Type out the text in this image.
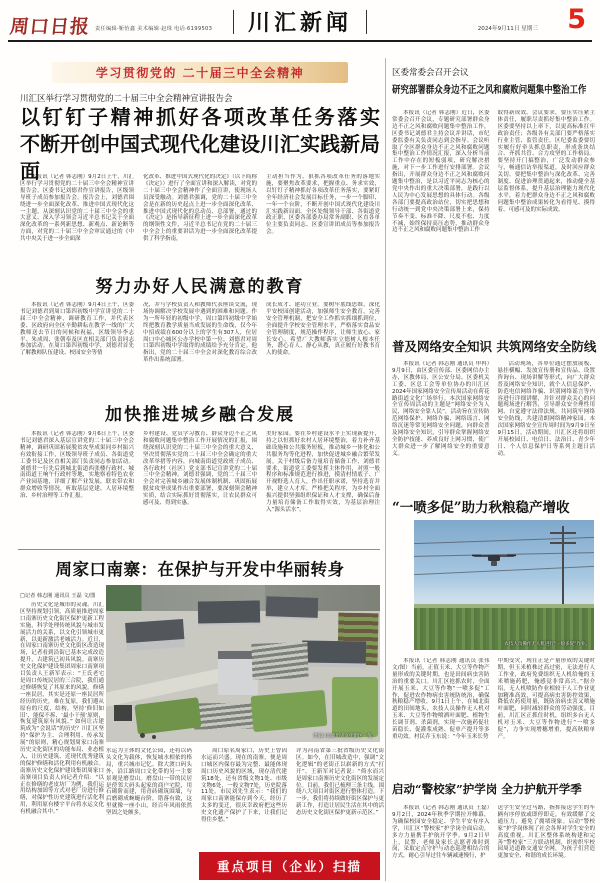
周口日报 责任编辑·靳怡鑫 美术编辑·赵珠 电话·6199503 川汇新闻	2024年9月11日 星期三 5
学习贯彻党的 二十届三中全会精神
川汇区举行学习贯彻党的二十届三中全会精神宣讲报告会
以钉钉子精神抓好各项改革任务落实
不断开创中国式现代化建设川汇实践新局面
本报讯（记者 韩志刚）9月2日上午，川汇区举行学习贯彻党的二十届三中全会精神宣讲报告会，区委书记刘德君作宣讲报告，区级领导班子成员参加报告会。报告会上，刘德君围绕进一步全面深化改革、推进中国式现代化这一主题，从深刻认识党的二十届三中全会的重大意义、深入学习领会习近平总书记关于全面深化改革的一系列新思想、新观点、新论断等方面，对党的二十届三中全会审议通过的《中共中央关于进一步全面深
化改革、推进中国式现代化的决定》（以下简称《决定》）进行了全面宣讲和深入解读，对党的二十届三中全会精神作了全面宣讲，使现场人员深受触动。刘德君强调，党的二十届三中全会是在新的历史起点上进一步全面深化改革、推进中国式现代化的总动员、总部署，通过的《决定》是指导新征程上进一步全面深化改革的纲领性文件，习近平总书记在党的二十届三中全会上的重要讲话为进一步全面深化改革提供了科学指南，
主动担当作为，狠抓各项改革任务的落地实施，要聚焦改革要求，把握重点、务求实效，以钉钉子精神抓好各项改革任务落实，要紧盯全年经济社会发展目标任务，一步一个脚印、一年一个台阶，不断开创中国式现代化建设川汇实践新局面。全区处级领导干部、各街道党政正职、区委各部委办局常务副职、区直各单位主要负责同志、区委宣讲团成员等参加报告会。
努力办好人民满意的教育
本报讯（记者 韩志刚）9月4日上午，区委书记刘德君到周口第四初级中学宣讲党的二十届三中全会精神，调研教育工作，并代表区委、区政府向全区辛勤耕耘在教学一线的广大教师送去节日的问候和祝福，区级领导李志平、朱成周、张朝奉及区直相关部门负责同志参加活动。在周口第四初级中学，刘德君首先了解教师队伍建设、校园安全等情
况，并与学校负责人和教师代表座谈交流，现场协调解决学校发展中遇到的困难和问题。作为一所年轻的初级中学，周口第四初级中学始终把教育教学质量当成发展的生命线，仅今年中招成绩在600分以上的学生有307人，位居周口中心城区公办学校中第一位。刘德君对周口第四初级中学取得的成绩给予充分肯定。他指出，党的二十届三中全会对深化教育综合改革作出系统部署。
成长成才、建功立业。要树牢底线思维，深化平安校园创建活动，加强师生安全教育，完善安全管理机制，把安全工作抓实抓细抓到位，全面提升学校安全管理水平，严格落实食品安全管理制度，规范操作程序，让师生放心、家长安心。希望广大教师落实立德树人根本任务，潜心育人、静心从教，真正履行好教书育人的使命。
加快推进城乡融合发展
本报讯（记者 韩志刚）9月6日上午，区委书记刘德君深入基层宣讲党的二十届三中全会精神，调研巩固拓展脱贫攻坚成果同乡村振兴有效衔接工作，区级领导班子成员、各街道党工委书记及区直相关部门负责同志参加活动。刘德君一行先后到城北街道西张楼行政村、城南街道王响午行政村等地，实地察看特色农业产业园基地，详细了解产业发展、联农带农和群众增收等情况，听取基层党建、人居环境整治、乡村治理等工作汇报。
乡村建设、党员学习教育、群众身边不正之风和腐败问题集中整治工作开展情况的汇报，围绕深刻认识党的二十届三中全会的重大意义、坚决贯彻落实党的二十届三中全会确定的重大改革举措等内容，向城南街道党政班子成员、各行政村（社区）党支部书记宣讲党的二十届三中全会精神。刘德君强调，党的二十届三中全会对完善城乡融合发展体制机制、巩固拓展脱贫攻坚成果作出重要部署，要深刻领会精神实质，结合实际抓好贯彻落实，让农民群众可感可及、得到实惠。
美好家园。要在乡村建设水平上实现新提升，持之以恒抓好农村人居环境整治，着力补齐基础设施和公共服务短板，推动城乡一体化和公共服务均等化进程，加快促进城乡融合繁荣发展。关于村级后备力量培育储备工作，刘德君要求，街道党工委要发挥主体作用，对照一般程序和标准规范进行推进，摸清村情底子、广开视野选人育人，作出任职承诺，坚持选育并举，建立人才库，严格把关程序，为乡村全面振兴提供坚强组织保证和人才支撑，确保后备力量培育储备工作取得实效，为基层治理注入“源头活水”。
周家口南寨：在保护与开发中华丽转身
□记者 韩志刚 通讯员 王磊 文/图
历史文化是城市的灵魂。川汇区坚持规划引领，高质量推进周家口南寨历史文化街区保护更新工程实施，科学处理传统风貌与城市发展活力的关系，以文化引领城市更新，以更新激活老城活力。近日，在周家口南寨历史文化街区改造现场，记者看到沿街已基本完成改造提升，古建筑已初具风貌。南寨历史文化保护建设集团周家口南寨项目负责人王新军表示：“王氏老宅是周口传统民居的三合院，我们通过修缮恢复了其原来的风貌。修缮一座民居，其实是还原一座民居所经历的历史，难在复原，我们遵从原有的尺度、结构，坚持‘修旧如旧’、能保不拆、‘最小干预’原则，恢复建筑原有风貌。” 如何让古建筑成为“会说话”的历史？川汇区坚持“保护为主、合理利用、传承发展”的原则，精心规划周家口南寨历史文化街区的功能布局、业态植入，让历史建筑、近现代优秀建筑的保护修缮和活化利用有机融合。南寨历史文化保护建设集团周家口南寨项目负责人向记者介绍：“以正在修缮的老皮坊厂为例，我们运用结构加固等方式对老厂房进行修缮，对保护性历史建筑进行活化利用，利用原有楼宇平台将水运文化有机融合其中。”
周家口南寨历史文化街区一角。
水运为主体的文化公园，还将以码头文化为载体，恢复城水相依的格局，重兴城市记忆。除大渡口码头外，沿江路周口文化带的另一主要景观是磨盘山。磨盘山一带的民居是傍邻大码头起家的商户宅院，用石砌阶而建，用青砖砌筑围墙，与后磨砌成蜿蜒台阶，错落有致，这里就像一座小山，经百年风雨依然坚固之处颇多。
周口原名周家口，历史上曾因水运而兴盛。现在的南寨，便是周口城区内保存最为完整、最能体现周口历史风貌的区域，现存清代建筑18处，还有省级文物1处、市级文物6处，一般文物7处，历史院落11处。市民刘先生表示：“我们的周家口南寨能保存到今天，经历了太多的变迁，很庆幸政府把这些历史文化遗产保护了下来，让我们记得住乡愁。”
评为河南省第三批省级历史文化街区。如今，在旧城改造中，强调“文化逻辑”的老街正以崭新的方式“打开”。王新军对记者说：“倚水而兴是周家口南寨历史文化街区的发展定位。目前，我们已梳理三条主线，围绕八大项目对街区进行整体打造。下一步，我们将持续做好街区保护与更新工作，打造让居民生活在其中的活态历史文化街区保护更新示范区。”
重点项目（企业）扫描
区委常委会召开会议
研究部署群众身边不正之风和腐败问题集中整治工作
本报讯（记者 韩志刚）近日，区委常委会召开会议，专题研究部署群众身边不正之风和腐败问题集中整治工作，区委书记刘德君主持会议并讲话，市纪委监委有关负责同志到会指导。会议听取了全区群众身边不正之风和腐败问题集中整治工作情况汇报，深入分析当前工作中存在的短板弱项，研究解决措施，对下一步工作进行安排部署。会议指出，开展群众身边不正之风和腐败问题集中整治，是以习近平同志为核心的党中央作出的重大决策部署，是践行以人民为中心发展思想的具体行动。各级各部门要提高政治站位，切实把思想和行动统一到党中央决策部署上来，保持节奏不变、标准不降、尺度不松、力度不减，始终保持高压态势，推动群众身边不正之风和腐败问题集中整治工作
取得新成效。会议要求，要压实压紧主体责任，履职尽责抓好集中整治工作。区委要坚持以上率下，以更高标准扛牢政治责任；各级各有关部门要严格落实行业主管、监管责任。区纪委监委要切实履行好牵头抓总职责，形成条块结合、齐抓共管、合力攻坚的工作格局。要坚持开门搞整治，广泛发动群众参与，畅通信访举报渠道，及时回应群众关切。要把集中整治与深化改革、完善制度、促进治理贯通起来，推动健全基层监督体系，提升基层治理能力现代化水平，着力把群众身边不正之风和腐败问题集中整治成果转化为看得见、摸得着、可感可及的实际成效。
普及网络安全知识 共筑网络安全防线
本报讯（记者 韩志刚 通讯员 申冉）9月9日，由区委宣传部、区委网信办主办，区教体局、区公安分局、区委机关工委、区总工会等单位协办的川汇区2024年国家网络安全宣传周活动在荷花路街道文化广场举行。本次国家网络安全宣传周活动的主题是“网络安全为人民，网络安全靠人民”，活动旨在宣传防范网络保护、网络诈骗、网络谣言、网络沉迷等常见网络安全问题，向群众普及网络安全知识，引导群众掌握网络安全防护技能、养成良好上网习惯，使广大群众进一步了解网络安全的重要意义。
活动现场，各单位通过摆放展板、悬挂横幅、发放宣传册和宣传品、设置咨询台、现场讲解等形式，向广大群众普及网络安全知识，就个人信息保护、防范电信网络诈骗、识别网络谣言等内容进行详细讲解，并针对群众关心的问题现场进行解答，引导群众安全理性用网、自觉遵守法律法规，共同筑牢网络安全防线，共建清朗网络精神家园。本次国家网络安全宣传周时间为9月9日至9月15日，活动期间，川汇区还将组织开展校园日、电信日、法治日、青少年日、个人信息保护日等系列主题日活动。
“一喷多促”助力秋粮稳产增收
农技人员操作无人机进行“一喷多促”作业。
本报讯（记者 韩志刚 通讯员 张伟 文/图）当前，正值玉米、大豆等作物产量形成的关键时期，也是田间病虫害防治的重要关口。川汇区抢抓农时，全面开展玉米、大豆等作物“一喷多促”工作，促进农作物病虫害统防统治，确保秋粮稳产增收。9月1日上午，在城北街道的田间地头，农技人员操作无人机对玉米、大豆等作物喷洒叶面肥、植物生长调节剂、杀菌剂，实现一次施药促壮苗稳长、促灌浆成熟、促单产提升等多重功效。村民乔玉东说：“今年玉米长势
中期受灾，现在正是产量形成的关键时期，但玉米植株过高过密，无法进行人工作业，政府免费组织无人机给俺的玉米喷施药肥，俺感觉非常高兴。”据介绍，无人机喷防作业相较于人工作业更加精准高效，可提高病虫害防控效果，降低农药使用量，既防治病虫害又喷施叶面肥，同时减轻群众的劳动强度。目前，川汇区正抓住时机，组织多台无人机对玉米、大豆等作物进行“一喷多促”，力争实现增穗增重，提高秋粮单产。
启动“警校家”护学岗 全力护航开学季
本报讯（记者 韩志刚 通讯员 王磊）9月2日，2024年秋季学期拉开帷幕，为确保校园安全稳定、学生平安有序入学，川汇区“警校家”护学岗全面启动，多方力量携手护航开学季。9月2日早上，民警、老师及家长志愿者准时到岗，采取定点守护与动态巡逻相结合的方式，耐心引导过往车辆减速慢行，护
送学生安全过马路，指挥接送学生的车辆有序停放或即停即走，有效缓解了交通压力，避免了拥堵现象。启动“警校家”护学岗体现了社会各界对学生安全的高度重视。川汇区整体系统构建和完善“警校家”三方联动机制，织密织牢校园周边道路交通安全网，为孩子们营造更加安全、和谐的成长环境。
